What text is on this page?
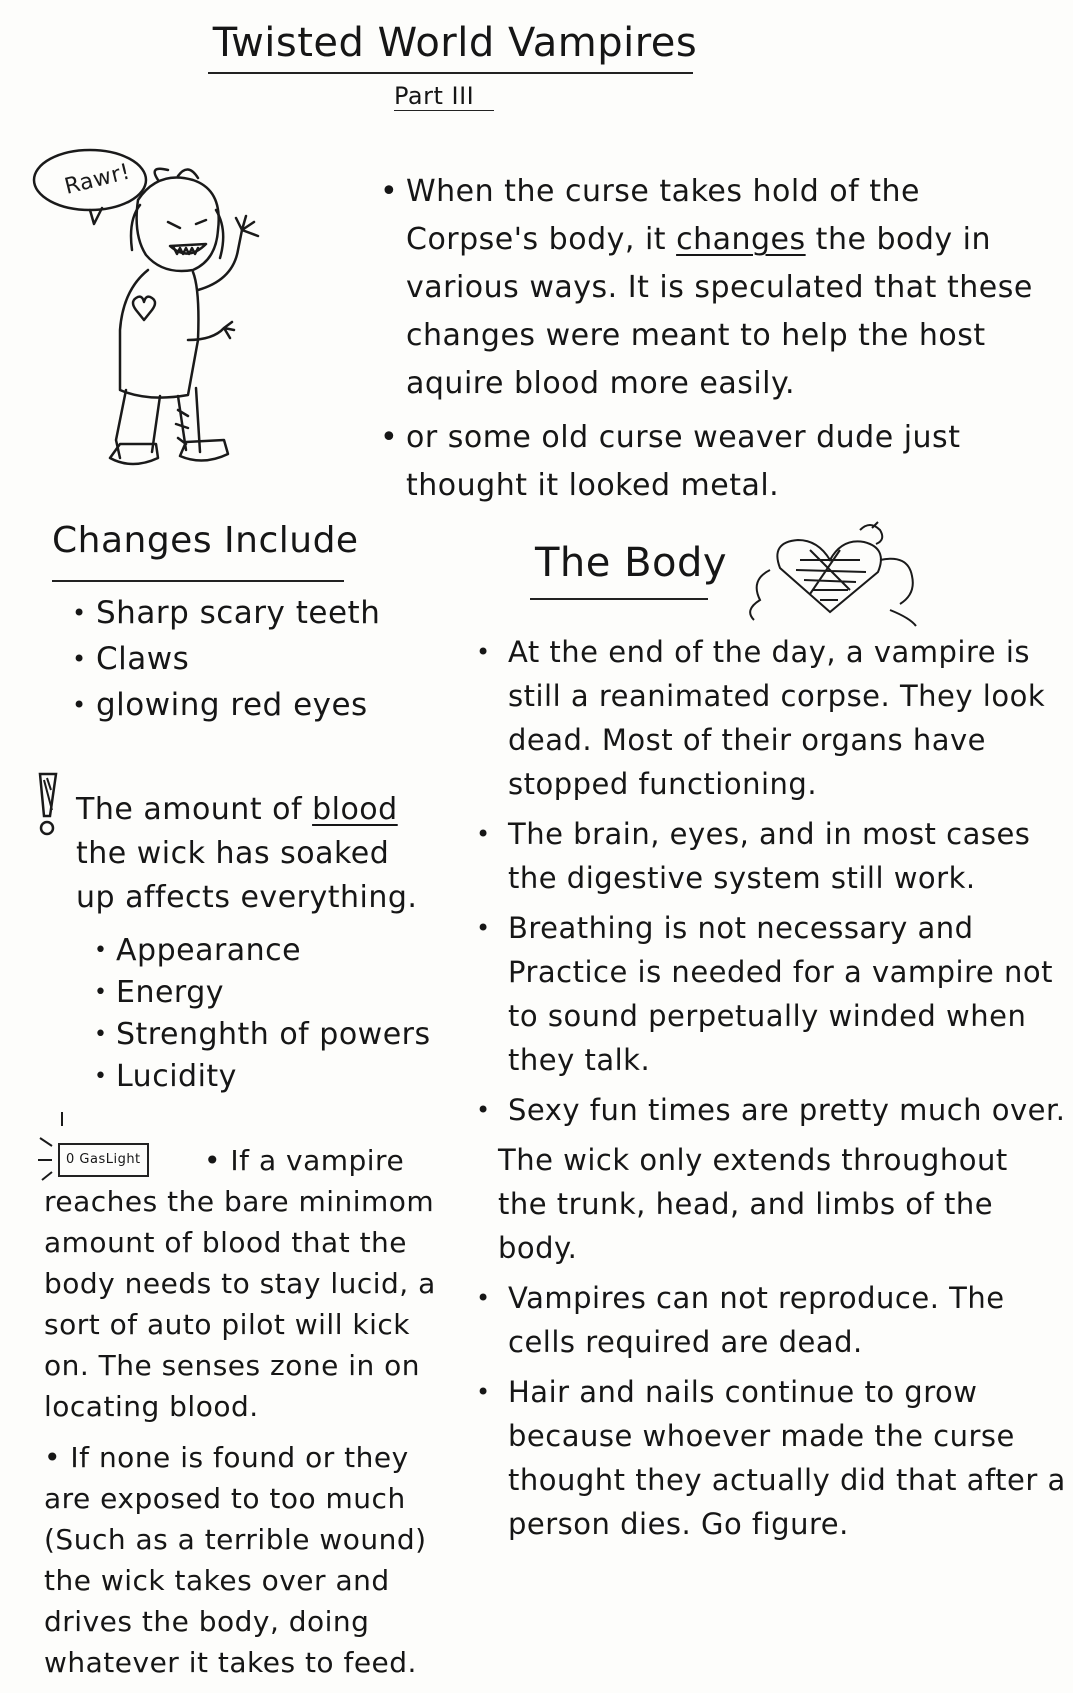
Twisted World Vampires
Part III
Rawr!	• When the curse takes hold of the Corpse's body, it changes the body in various ways. It is speculated that these changes were meant to help the host aquire blood more easily.

• or some old curse weaver dude just thought it looked metal.

Changes Include
• Sharp scary teeth
• Claws
• glowing red eyes
The amount of blood the wick has soaked up affects everything.
• Appearance
• Energy
• Strenghth of powers
• Lucidity
0 GasLight	• If a vampire reaches the bare minimom amount of blood that the body needs to stay lucid, a sort of auto pilot will kick on. The senses zone in on locating blood.

• If none is found or they are exposed to too much (Such as a terrible wound) the wick takes over and drives the body, doing whatever it takes to feed.

The Body

• At the end of the day, a vampire is still a reanimated corpse. They look dead. Most of their organs have stopped functioning.

• The brain, eyes, and in most cases the digestive system still work.

• Breathing is not necessary and Practice is needed for a vampire not to sound perpetually winded when they talk.

• Sexy fun times are pretty much over.

The wick only extends throughout the trunk, head, and limbs of the body.

• Vampires can not reproduce. The cells required are dead.

• Hair and nails continue to grow because whoever made the curse thought they actually did that after a person dies. Go figure.
